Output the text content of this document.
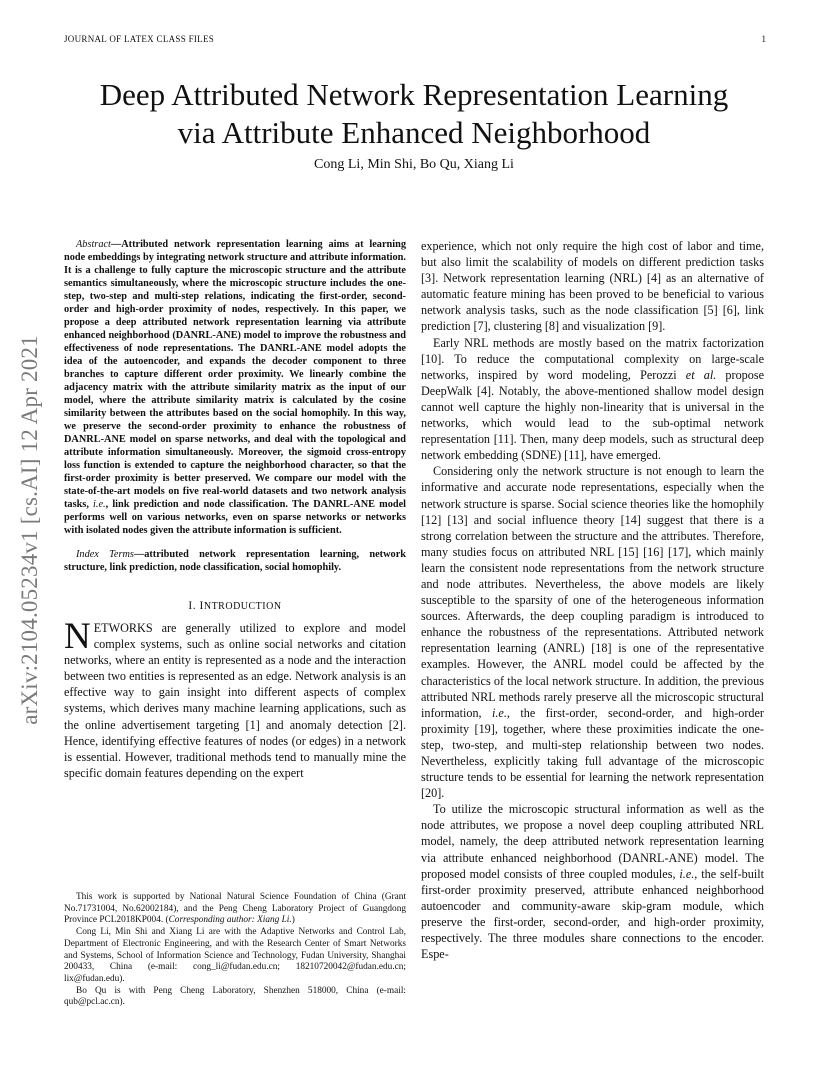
JOURNAL OF LATEX CLASS FILES	1
arXiv:2104.05234v1 [cs.AI] 12 Apr 2021
Deep Attributed Network Representation Learning
via Attribute Enhanced Neighborhood
Cong Li, Min Shi, Bo Qu, Xiang Li

Abstract—Attributed network representation learning aims at learning node embeddings by integrating network structure and attribute information. It is a challenge to fully capture the microscopic structure and the attribute semantics simultaneously, where the microscopic structure includes the one-step, two-step and multi-step relations, indicating the first-order, second-order and high-order proximity of nodes, respectively. In this paper, we propose a deep attributed network representation learning via attribute enhanced neighborhood (DANRL-ANE) model to improve the robustness and effectiveness of node representations. The DANRL-ANE model adopts the idea of the autoencoder, and expands the decoder component to three branches to capture different order proximity. We linearly combine the adjacency matrix with the attribute similarity matrix as the input of our model, where the attribute similarity matrix is calculated by the cosine similarity between the attributes based on the social homophily. In this way, we preserve the second-order proximity to enhance the robustness of DANRL-ANE model on sparse networks, and deal with the topological and attribute information simultaneously. Moreover, the sigmoid cross-entropy loss function is extended to capture the neighborhood character, so that the first-order proximity is better preserved. We compare our model with the state-of-the-art models on five real-world datasets and two network analysis tasks, i.e., link prediction and node classification. The DANRL-ANE model performs well on various networks, even on sparse networks or networks with isolated nodes given the attribute information is sufficient.

Index Terms—attributed network representation learning, network structure, link prediction, node classification, social homophily.

I. INTRODUCTION

NETWORKS are generally utilized to explore and model complex systems, such as online social networks and citation networks, where an entity is represented as a node and the interaction between two entities is represented as an edge. Network analysis is an effective way to gain insight into different aspects of complex systems, which derives many machine learning applications, such as the online advertisement targeting [1] and anomaly detection [2]. Hence, identifying effective features of nodes (or edges) in a network is essential. However, traditional methods tend to manually mine the specific domain features depending on the expert

This work is supported by National Natural Science Foundation of China (Grant No.71731004, No.62002184), and the Peng Cheng Laboratory Project of Guangdong Province PCL2018KP004. (Corresponding author: Xiang Li.)

Cong Li, Min Shi and Xiang Li are with the Adaptive Networks and Control Lab, Department of Electronic Engineering, and with the Research Center of Smart Networks and Systems, School of Information Science and Technology, Fudan University, Shanghai 200433, China (e-mail: cong_li@fudan.edu.cn; 18210720042@fudan.edu.cn; lix@fudan.edu).

Bo Qu is with Peng Cheng Laboratory, Shenzhen 518000, China (e-mail: qub@pcl.ac.cn).

experience, which not only require the high cost of labor and time, but also limit the scalability of models on different prediction tasks [3]. Network representation learning (NRL) [4] as an alternative of automatic feature mining has been proved to be beneficial to various network analysis tasks, such as the node classification [5] [6], link prediction [7], clustering [8] and visualization [9].

Early NRL methods are mostly based on the matrix factorization [10]. To reduce the computational complexity on large-scale networks, inspired by word modeling, Perozzi et al. propose DeepWalk [4]. Notably, the above-mentioned shallow model design cannot well capture the highly non-linearity that is universal in the networks, which would lead to the sub-optimal network representation [11]. Then, many deep models, such as structural deep network embedding (SDNE) [11], have emerged.

Considering only the network structure is not enough to learn the informative and accurate node representations, especially when the network structure is sparse. Social science theories like the homophily [12] [13] and social influence theory [14] suggest that there is a strong correlation between the structure and the attributes. Therefore, many studies focus on attributed NRL [15] [16] [17], which mainly learn the consistent node representations from the network structure and node attributes. Nevertheless, the above models are likely susceptible to the sparsity of one of the heterogeneous information sources. Afterwards, the deep coupling paradigm is introduced to enhance the robustness of the representations. Attributed network representation learning (ANRL) [18] is one of the representative examples. However, the ANRL model could be affected by the characteristics of the local network structure. In addition, the previous attributed NRL methods rarely preserve all the microscopic structural information, i.e., the first-order, second-order, and high-order proximity [19], together, where these proximities indicate the one-step, two-step, and multi-step relationship between two nodes. Nevertheless, explicitly taking full advantage of the microscopic structure tends to be essential for learning the network representation [20].

To utilize the microscopic structural information as well as the node attributes, we propose a novel deep coupling attributed NRL model, namely, the deep attributed network representation learning via attribute enhanced neighborhood (DANRL-ANE) model. The proposed model consists of three coupled modules, i.e., the self-built first-order proximity preserved, attribute enhanced neighborhood autoencoder and community-aware skip-gram module, which preserve the first-order, second-order, and high-order proximity, respectively. The three modules share connections to the encoder. Espe-
